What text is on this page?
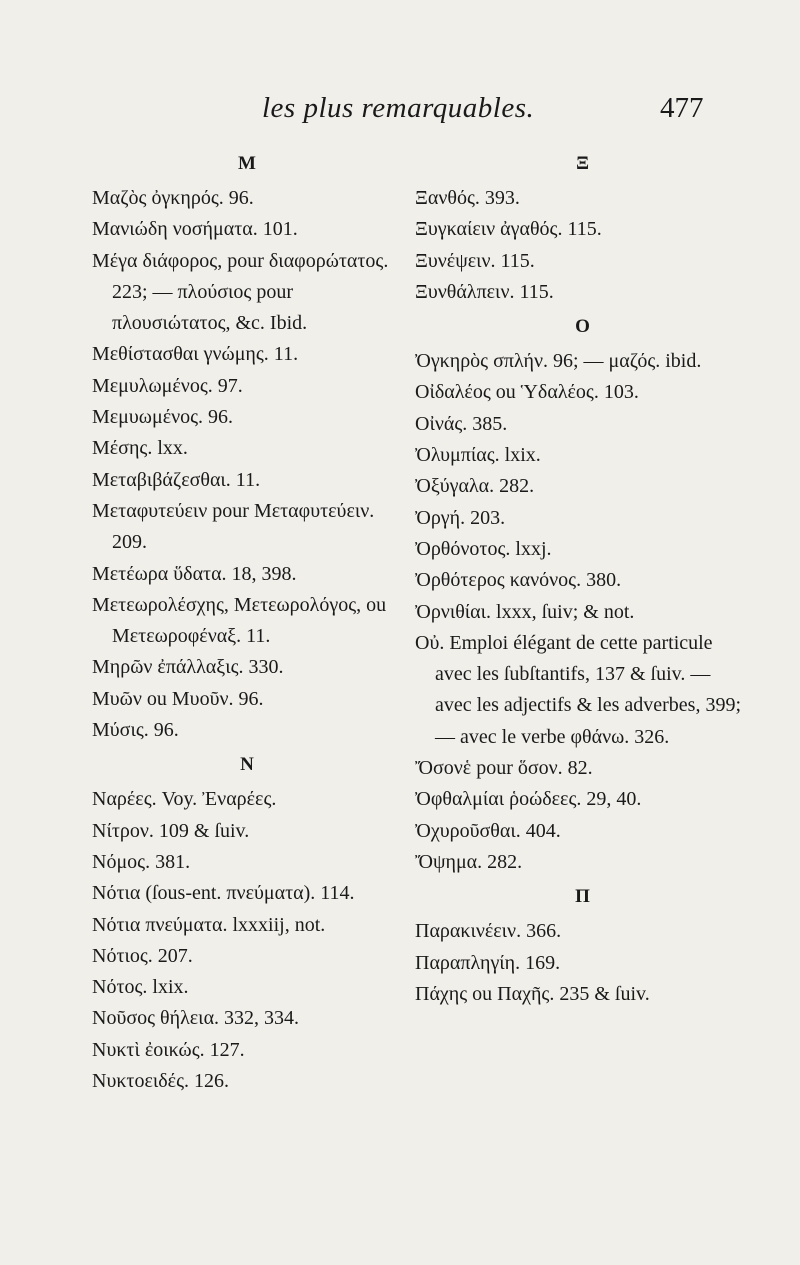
les plus remarquables.	477
M
Μαζὸς ὀγκηρός. 96.
Μανιώδη νοσήματα. 101.
Μέγα διάφορος, pour διαφορώτατος. 223; — πλούσιος pour πλουσιώτατος, &c. Ibid.
Μεθίστασθαι γνώμης. 11.
Μεμυλωμένος. 97.
Μεμυωμένος. 96.
Μέσης. lxx.
Μεταβιβάζεσθαι. 11.
Μεταφυτεύειν pour Μεταφυτεύειν. 209.
Μετέωρα ὕδατα. 18, 398.
Μετεωρολέσχης, Μετεωρολόγος, ou Μετεωροφέναξ. 11.
Μηρῶν ἐπάλλαξις. 330.
Μυῶν ou Μυοῦν. 96.
Μύσις. 96.
N
Ναρέες. Voy. Ἐναρέες.
Νίτρον. 109 & ſuiv.
Νόμος. 381.
Νότια (ſous-ent. πνεύματα). 114.
Νότια πνεύματα. lxxxiij, not.
Νότιος. 207.
Νότος. lxix.
Νοῦσος θήλεια. 332, 334.
Νυκτὶ ἐοικώς. 127.
Νυκτοειδές. 126.
Ξ
Ξανθός. 393.
Ξυγκαίειν ἀγαθός. 115.
Ξυνέψειν. 115.
Ξυνθάλπειν. 115.
O
Ὀγκηρὸς σπλήν. 96; — μαζός. ibid.
Οἰδαλέος ou Ὑδαλέος. 103.
Οἰνάς. 385.
Ὀλυμπίας. lxix.
Ὀξύγαλα. 282.
Ὀργή. 203.
Ὀρθόνοτος. lxxj.
Ὀρθότερος κανόνος. 380.
Ὀρνιθίαι. lxxx, ſuiv; & not.
Οὐ. Emploi élégant de cette particule avec les ſubſtantifs, 137 & ſuiv. — avec les adjectifs & les adverbes, 399; — avec le verbe φθάνω. 326.
Ὄσονἑ pour ὅσον. 82.
Ὀφθαλμίαι ῥοώδεες. 29, 40.
Ὀχυροῦσθαι. 404.
Ὄψημα. 282.
Π
Παρακινέειν. 366.
Παραπληγίη. 169.
Πάχης ou Παχῆς. 235 & ſuiv.
